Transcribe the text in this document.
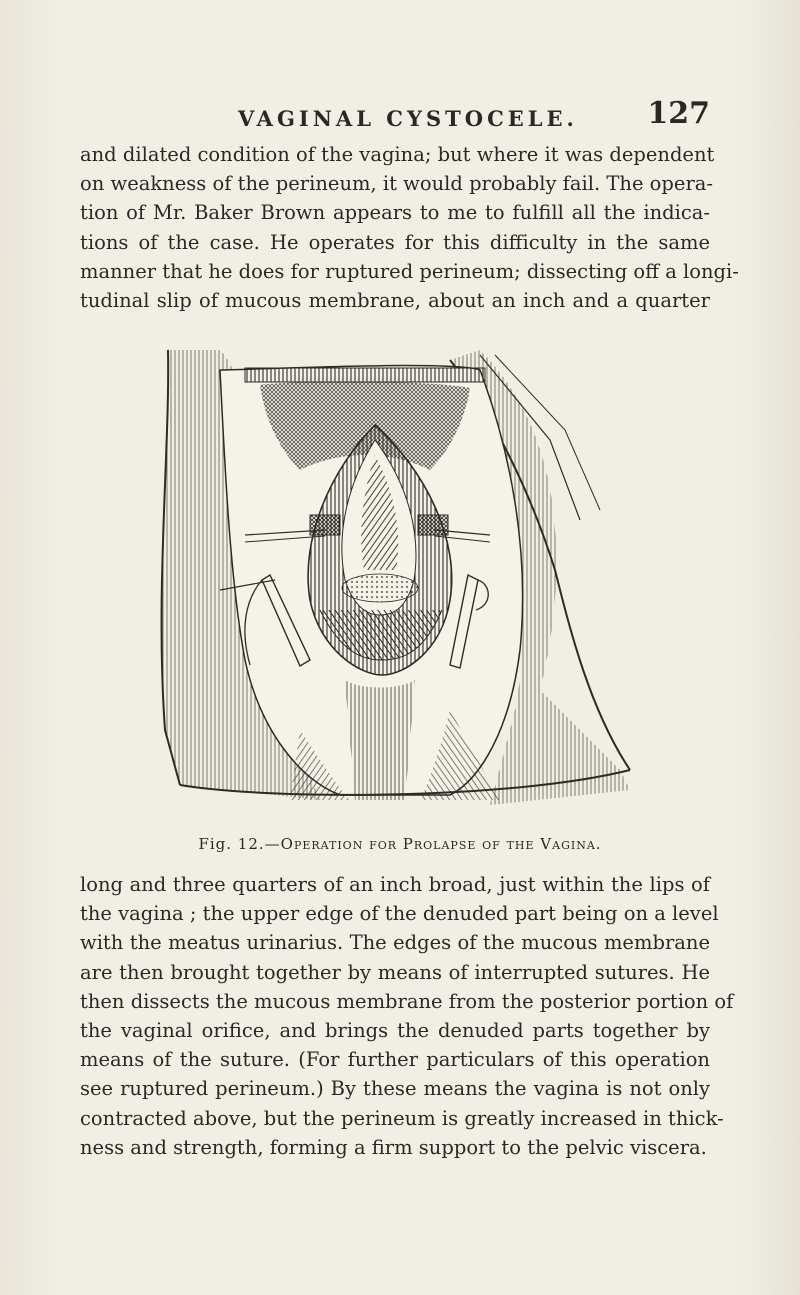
VAGINAL CYSTOCELE. 127
and dilated condition of the vagina; but where it was dependent
on weakness of the perineum, it would probably fail. The opera-
tion of Mr. Baker Brown appears to me to fulfill all the indica-
tions of the case. He operates for this difficulty in the same
manner that he does for ruptured perineum; dissecting off a longi-
tudinal slip of mucous membrane, about an inch and a quarter
Fig. 12.—Operation for Prolapse of the Vagina.
long and three quarters of an inch broad, just within the lips of
the vagina ; the upper edge of the denuded part being on a level
with the meatus urinarius. The edges of the mucous membrane
are then brought together by means of interrupted sutures. He
then dissects the mucous membrane from the posterior portion of
the vaginal orifice, and brings the denuded parts together by
means of the suture. (For further particulars of this operation
see ruptured perineum.) By these means the vagina is not only
contracted above, but the perineum is greatly increased in thick-
ness and strength, forming a firm support to the pelvic viscera.
